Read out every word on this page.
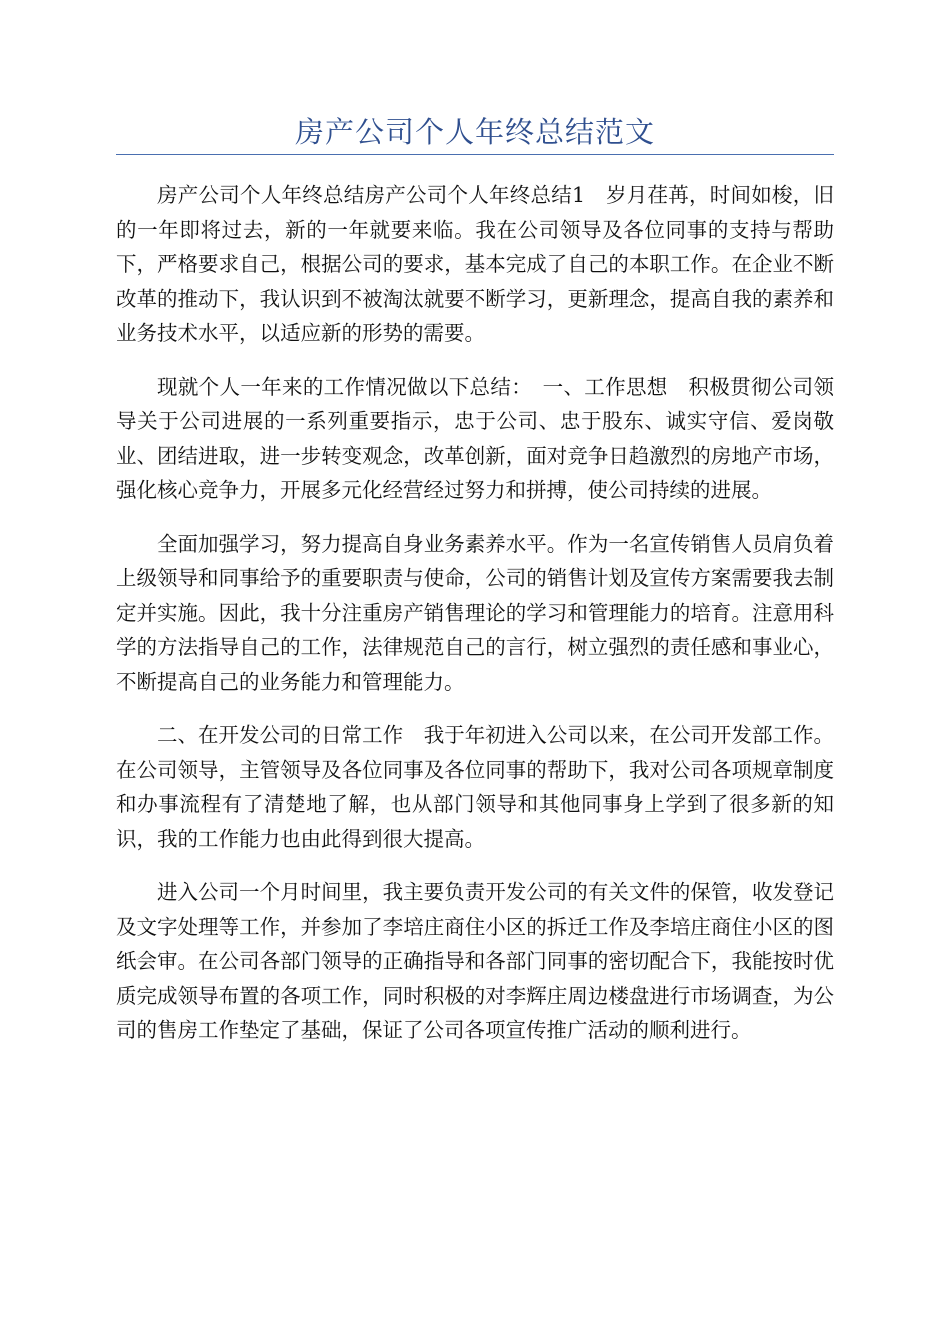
房产公司个人年终总结范文

房产公司个人年终总结房产公司个人年终总结1　岁月荏苒，时间如梭，旧的一年即将过去，新的一年就要来临。我在公司领导及各位同事的支持与帮助下，严格要求自己，根据公司的要求，基本完成了自己的本职工作。在企业不断改革的推动下，我认识到不被淘汰就要不断学习，更新理念，提高自我的素养和业务技术水平，以适应新的形势的需要。

现就个人一年来的工作情况做以下总结：　一、工作思想　积极贯彻公司领导关于公司进展的一系列重要指示，忠于公司、忠于股东、诚实守信、爱岗敬业、团结进取，进一步转变观念，改革创新，面对竞争日趋激烈的房地产市场，强化核心竞争力，开展多元化经营经过努力和拼搏，使公司持续的进展。

全面加强学习，努力提高自身业务素养水平。作为一名宣传销售人员肩负着上级领导和同事给予的重要职责与使命，公司的销售计划及宣传方案需要我去制定并实施。因此，我十分注重房产销售理论的学习和管理能力的培育。注意用科学的方法指导自己的工作，法律规范自己的言行，树立强烈的责任感和事业心，不断提高自己的业务能力和管理能力。

二、在开发公司的日常工作　我于年初进入公司以来，在公司开发部工作。在公司领导，主管领导及各位同事及各位同事的帮助下，我对公司各项规章制度和办事流程有了清楚地了解，也从部门领导和其他同事身上学到了很多新的知识，我的工作能力也由此得到很大提高。

进入公司一个月时间里，我主要负责开发公司的有关文件的保管，收发登记及文字处理等工作，并参加了李培庄商住小区的拆迁工作及李培庄商住小区的图纸会审。在公司各部门领导的正确指导和各部门同事的密切配合下，我能按时优质完成领导布置的各项工作，同时积极的对李辉庄周边楼盘进行市场调查，为公司的售房工作垫定了基础，保证了公司各项宣传推广活动的顺利进行。
